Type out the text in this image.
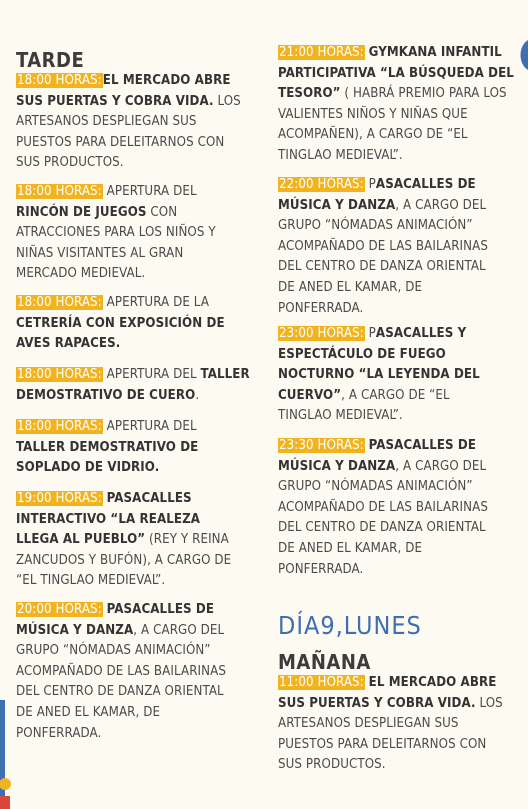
TARDE
18:00 HORAS : EL MERCADO ABRE SUS PUERTAS Y COBRA VIDA. LOS ARTESANOS DESPLIEGAN SUS PUESTOS PARA DELEITARNOS CON SUS PRODUCTOS.
18:00 HORAS : APERTURA DEL RINCÓN DE JUEGOS CON ATRACCIONES PARA LOS NIÑOS Y NIÑAS VISITANTES AL GRAN MERCADO MEDIEVAL.
18:00 HORAS : APERTURA DE LA CETRERÍA CON EXPOSICIÓN DE AVES RAPACES.
18:00 HORAS : APERTURA DEL TALLER DEMOSTRATIVO DE CUERO.
18:00 HORAS : APERTURA DEL TALLER DEMOSTRATIVO DE SOPLADO DE VIDRIO.
19:00 HORAS : PASACALLES INTERACTIVO “LA REALEZA LLEGA AL PUEBLO” (REY Y REINA ZANCUDOS Y BUFÓN), A CARGO DE “EL TINGLAO MEDIEVAL”.
20:00 HORAS : PASACALLES DE MÚSICA Y DANZA, A CARGO DEL GRUPO “NÓMADAS ANIMACIÓN” ACOMPAÑADO DE LAS BAILARINAS DEL CENTRO DE DANZA ORIENTAL DE ANED EL KAMAR, DE PONFERRADA.
21:00 HORAS : GYMKANA INFANTIL PARTICIPATIVA “LA BÚSQUEDA DEL TESORO” ( HABRÁ PREMIO PARA LOS VALIENTES NIÑOS Y NIÑAS QUE ACOMPAÑEN), A CARGO DE “EL TINGLAO MEDIEVAL”.
22:00 HORAS : PASACALLES DE MÚSICA Y DANZA, A CARGO DEL GRUPO “NÓMADAS ANIMACIÓN” ACOMPAÑADO DE LAS BAILARINAS DEL CENTRO DE DANZA ORIENTAL DE ANED EL KAMAR, DE PONFERRADA.
23:00 HORAS : PASACALLES Y ESPECTÁCULO DE FUEGO NOCTURNO “LA LEYENDA DEL CUERVO”, A CARGO DE “EL TINGLAO MEDIEVAL”.
23:30 HORAS : PASACALLES DE MÚSICA Y DANZA, A CARGO DEL GRUPO “NÓMADAS ANIMACIÓN” ACOMPAÑADO DE LAS BAILARINAS DEL CENTRO DE DANZA ORIENTAL DE ANED EL KAMAR, DE PONFERRADA.
DÍA9,LUNES
MAÑANA
11:00 HORAS : EL MERCADO ABRE SUS PUERTAS Y COBRA VIDA. LOS ARTESANOS DESPLIEGAN SUS PUESTOS PARA DELEITARNOS CON SUS PRODUCTOS.
